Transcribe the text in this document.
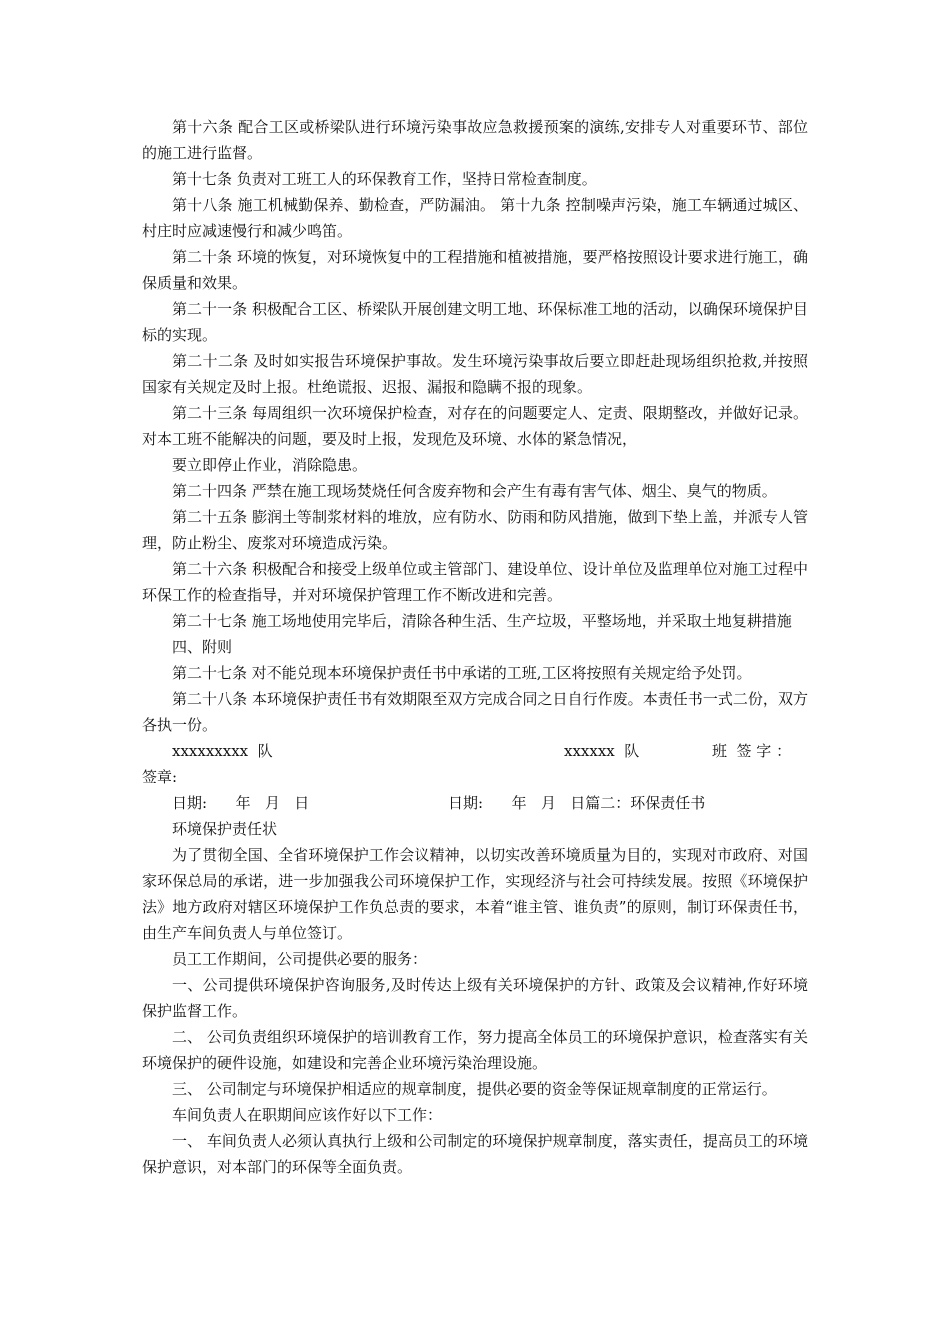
第十六条 配合工区或桥梁队进行环境污染事故应急救援预案的演练,安排专人对重要环节、部位的施工进行监督。

第十七条 负责对工班工人的环保教育工作，坚持日常检查制度。

第十八条 施工机械勤保养、勤检查，严防漏油。 第十九条 控制噪声污染，施工车辆通过城区、村庄时应减速慢行和减少鸣笛。

第二十条 环境的恢复，对环境恢复中的工程措施和植被措施，要严格按照设计要求进行施工，确保质量和效果。

第二十一条 积极配合工区、桥梁队开展创建文明工地、环保标准工地的活动，以确保环境保护目标的实现。

第二十二条 及时如实报告环境保护事故。发生环境污染事故后要立即赶赴现场组织抢救,并按照国家有关规定及时上报。杜绝谎报、迟报、漏报和隐瞒不报的现象。

第二十三条 每周组织一次环境保护检查，对存在的问题要定人、定责、限期整改，并做好记录。对本工班不能解决的问题，要及时上报，发现危及环境、水体的紧急情况，

要立即停止作业，消除隐患。

第二十四条 严禁在施工现场焚烧任何含废弃物和会产生有毒有害气体、烟尘、臭气的物质。

第二十五条 膨润土等制浆材料的堆放，应有防水、防雨和防风措施，做到下垫上盖，并派专人管理，防止粉尘、废浆对环境造成污染。

第二十六条 积极配合和接受上级单位或主管部门、建设单位、设计单位及监理单位对施工过程中环保工作的检查指导，并对环境保护管理工作不断改进和完善。

第二十七条 施工场地使用完毕后，清除各种生活、生产垃圾，平整场地，并采取土地复耕措施

四、附则

第二十七条 对不能兑现本环境保护责任书中承诺的工班,工区将按照有关规定给予处罚。

第二十八条 本环境保护责任书有效期限至双方完成合同之日自行作废。本责任书一式二份，双方各执一份。

xxxxxxxxx  队	xxxxxx  队	班  签 字 ：

签章:

日期:      年   月   日	日期:      年   月   日篇二：环保责任书

环境保护责任状

为了贯彻全国、全省环境保护工作会议精神，以切实改善环境质量为目的，实现对市政府、对国家环保总局的承诺，进一步加强我公司环境保护工作，实现经济与社会可持续发展。按照《环境保护法》地方政府对辖区环境保护工作负总责的要求，本着“谁主管、谁负责”的原则，制订环保责任书，由生产车间负责人与单位签订。

员工工作期间，公司提供必要的服务：

一、公司提供环境保护咨询服务,及时传达上级有关环境保护的方针、政策及会议精神,作好环境保护监督工作。

二、 公司负责组织环境保护的培训教育工作，努力提高全体员工的环境保护意识，检查落实有关环境保护的硬件设施，如建设和完善企业环境污染治理设施。

三、 公司制定与环境保护相适应的规章制度，提供必要的资金等保证规章制度的正常运行。

车间负责人在职期间应该作好以下工作：

一、 车间负责人必须认真执行上级和公司制定的环境保护规章制度，落实责任，提高员工的环境保护意识，对本部门的环保等全面负责。
